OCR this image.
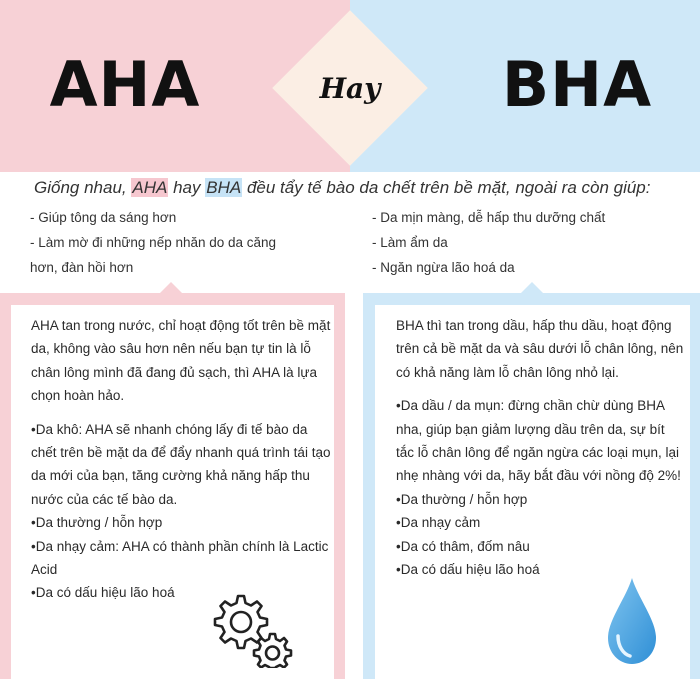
AHA	Hay	BHA
Giống nhau, AHA hay BHA đều tẩy tế bào da chết trên bề mặt, ngoài ra còn giúp:
- Giúp tông da sáng hơn
- Làm mờ đi những nếp nhăn do da căng
hơn, đàn hồi hơn
- Da mịn màng, dễ hấp thu dưỡng chất
- Làm ẩm da
- Ngăn ngừa lão hoá da

AHA tan trong nước, chỉ hoạt động tốt trên bề mặt da, không vào sâu hơn nên nếu bạn tự tin là lỗ chân lông mình đã đang đủ sạch, thì AHA là lựa chọn hoàn hảo.

•Da khô: AHA sẽ nhanh chóng lấy đi tế bào da chết trên bề mặt da để đẩy nhanh quá trình tái tạo da mới của bạn, tăng cường khả năng hấp thu nước của các tế bào da.

•Da thường / hỗn hợp

•Da nhạy cảm: AHA có thành phần chính là Lactic Acid

•Da có dấu hiệu lão hoá

BHA thì tan trong dầu, hấp thu dầu, hoạt động trên cả bề mặt da và sâu dưới lỗ chân lông, nên có khả năng làm lỗ chân lông nhỏ lại.

•Da dầu / da mụn: đừng chần chừ dùng BHA nha, giúp bạn giảm lượng dầu trên da, sự bít tắc lỗ chân lông để ngăn ngừa các loại mụn, lại nhẹ nhàng với da, hãy bắt đầu với nồng độ 2%!

•Da thường / hỗn hợp

•Da nhạy cảm

•Da có thâm, đốm nâu

•Da có dấu hiệu lão hoá
